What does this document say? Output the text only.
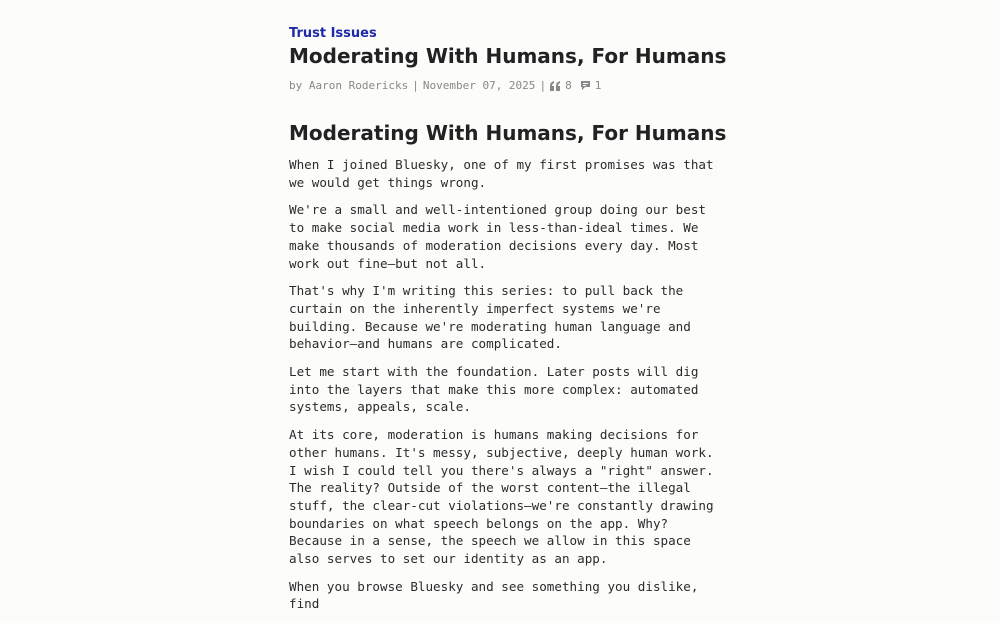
Trust Issues
Moderating With Humans, For Humans
by Aaron Rodericks | November 07, 2025 | 8 1
Moderating With Humans, For Humans

When I joined Bluesky, one of my first promises was that we would get things wrong.

We're a small and well-intentioned group doing our best to make social media work in less-than-ideal times. We make thousands of moderation decisions every day. Most work out fine—but not all.

That's why I'm writing this series: to pull back the curtain on the inherently imperfect systems we're building. Because we're moderating human language and behavior—and humans are complicated.

Let me start with the foundation. Later posts will dig into the layers that make this more complex: automated systems, appeals, scale.

At its core, moderation is humans making decisions for other humans. It's messy, subjective, deeply human work. I wish I could tell you there's always a "right" answer. The reality? Outside of the worst content—the illegal stuff, the clear-cut violations—we're constantly drawing boundaries on what speech belongs on the app. Why? Because in a sense, the speech we allow in this space also serves to set our identity as an app.

When you browse Bluesky and see something you dislike, find
